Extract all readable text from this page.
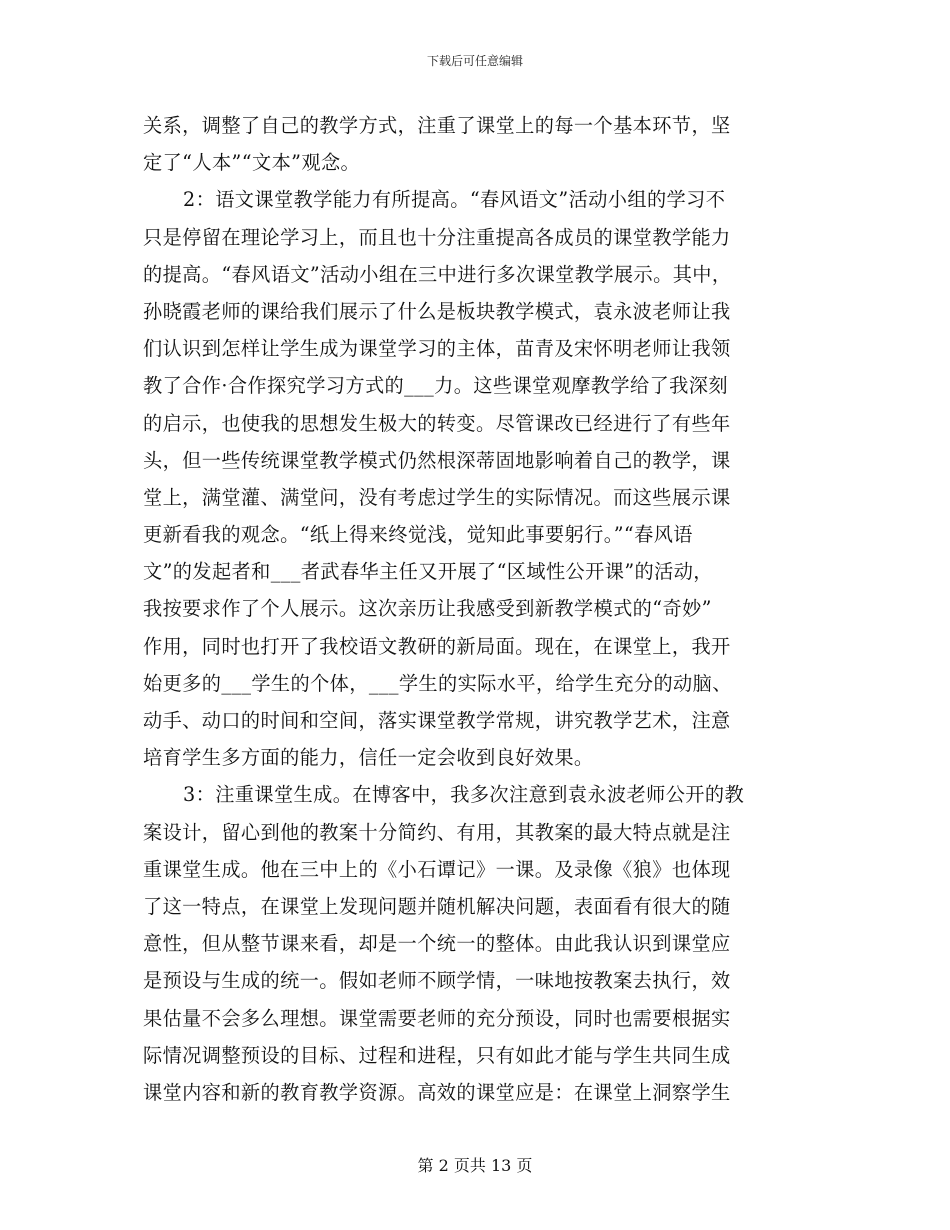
下载后可任意编辑
关系，调整了自己的教学方式，注重了课堂上的每一个基本环节，坚
定了“人本”“文本”观念。
2：语文课堂教学能力有所提高。“春风语文”活动小组的学习不
只是停留在理论学习上，而且也十分注重提高各成员的课堂教学能力
的提高。“春风语文”活动小组在三中进行多次课堂教学展示。其中，
孙晓霞老师的课给我们展示了什么是板块教学模式，袁永波老师让我
们认识到怎样让学生成为课堂学习的主体，苗青及宋怀明老师让我领
教了合作·合作探究学习方式的___力。这些课堂观摩教学给了我深刻
的启示，也使我的思想发生极大的转变。尽管课改已经进行了有些年
头，但一些传统课堂教学模式仍然根深蒂固地影响着自己的教学，课
堂上，满堂灌、满堂问，没有考虑过学生的实际情况。而这些展示课
更新看我的观念。“纸上得来终觉浅，觉知此事要躬行。”“春风语
文”的发起者和___者武春华主任又开展了“区域性公开课”的活动，
我按要求作了个人展示。这次亲历让我感受到新教学模式的“奇妙”
作用，同时也打开了我校语文教研的新局面。现在，在课堂上，我开
始更多的___学生的个体，___学生的实际水平，给学生充分的动脑、
动手、动口的时间和空间，落实课堂教学常规，讲究教学艺术，注意
培育学生多方面的能力，信任一定会收到良好效果。
3：注重课堂生成。在博客中，我多次注意到袁永波老师公开的教
案设计，留心到他的教案十分简约、有用，其教案的最大特点就是注
重课堂生成。他在三中上的《小石谭记》一课。及录像《狼》也体现
了这一特点，在课堂上发现问题并随机解决问题，表面看有很大的随
意性，但从整节课来看，却是一个统一的整体。由此我认识到课堂应
是预设与生成的统一。假如老师不顾学情，一味地按教案去执行，效
果估量不会多么理想。课堂需要老师的充分预设，同时也需要根据实
际情况调整预设的目标、过程和进程，只有如此才能与学生共同生成
课堂内容和新的教育教学资源。高效的课堂应是：在课堂上洞察学生
第 2 页共 13 页
